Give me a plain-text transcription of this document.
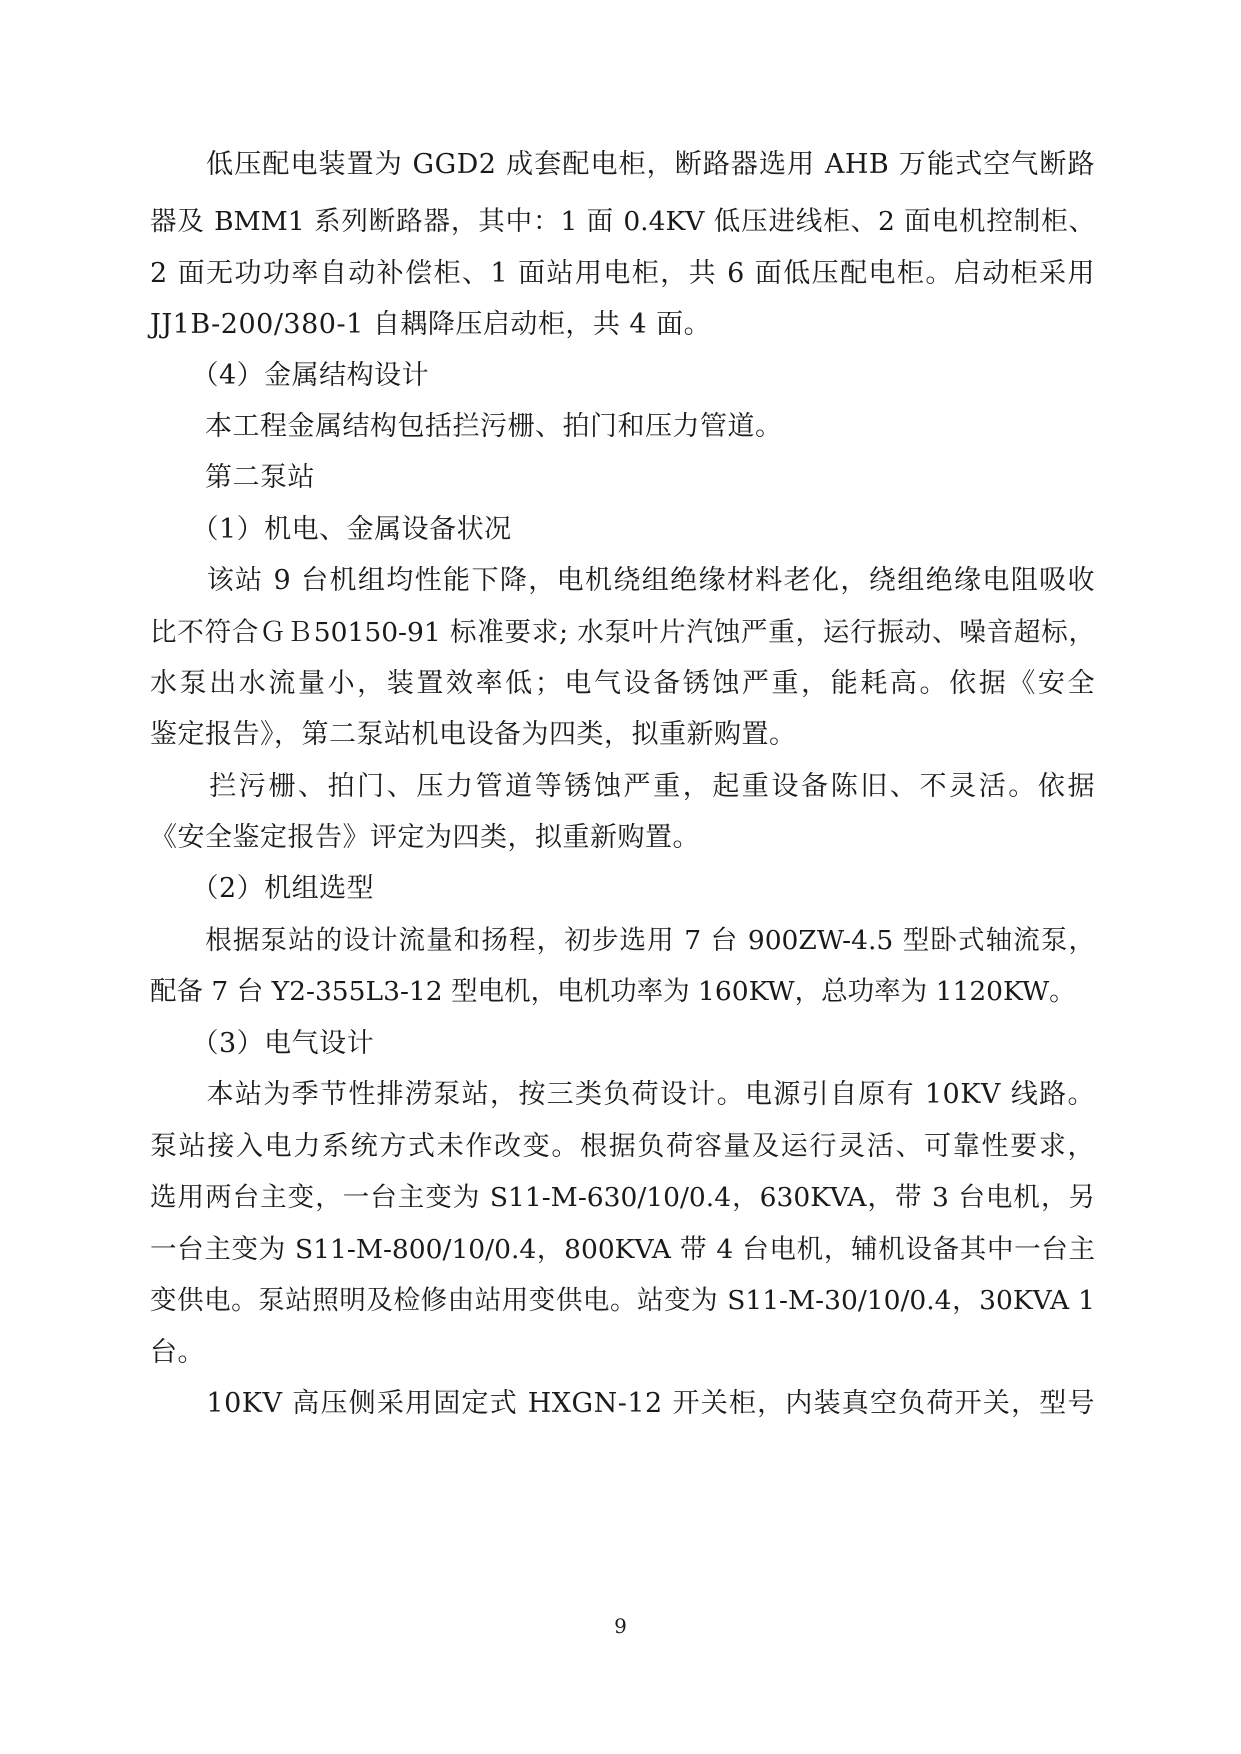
　　低压配电装置为 GGD2 成套配电柜，断路器选用 AHB 万能式空气断路
器及 BMM1 系列断路器，其中：1 面 0.4KV 低压进线柜、2 面电机控制柜、
2 面无功功率自动补偿柜、1 面站用电柜，共 6 面低压配电柜。启动柜采用
JJ1B-200/380-1 自耦降压启动柜，共 4 面。
　　（4）金属结构设计
　　本工程金属结构包括拦污栅、拍门和压力管道。
　　第二泵站
　　（1）机电、金属设备状况
　　该站 9 台机组均性能下降，电机绕组绝缘材料老化，绕组绝缘电阻吸收
比不符合ＧＢ50150-91 标准要求; 水泵叶片汽蚀严重，运行振动、噪音超标，
水泵出水流量小，装置效率低；电气设备锈蚀严重，能耗高。依据《安全
鉴定报告》，第二泵站机电设备为四类，拟重新购置。
　　拦污栅、拍门、压力管道等锈蚀严重，起重设备陈旧、不灵活。依据
《安全鉴定报告》评定为四类，拟重新购置。
　　（2）机组选型
　　根据泵站的设计流量和扬程，初步选用 7 台 900ZW-4.5 型卧式轴流泵，
配备 7 台 Y2-355L3-12 型电机，电机功率为 160KW，总功率为 1120KW。
　　（3）电气设计
　　本站为季节性排涝泵站，按三类负荷设计。电源引自原有 10KV 线路。
泵站接入电力系统方式未作改变。根据负荷容量及运行灵活、可靠性要求，
选用两台主变，一台主变为 S11-M-630/10/0.4，630KVA，带 3 台电机，另
一台主变为 S11-M-800/10/0.4，800KVA 带 4 台电机，辅机设备其中一台主
变供电。泵站照明及检修由站用变供电。站变为 S11-M-30/10/0.4，30KVA 1
台。
　　10KV 高压侧采用固定式 HXGN-12 开关柜，内装真空负荷开关，型号
9
